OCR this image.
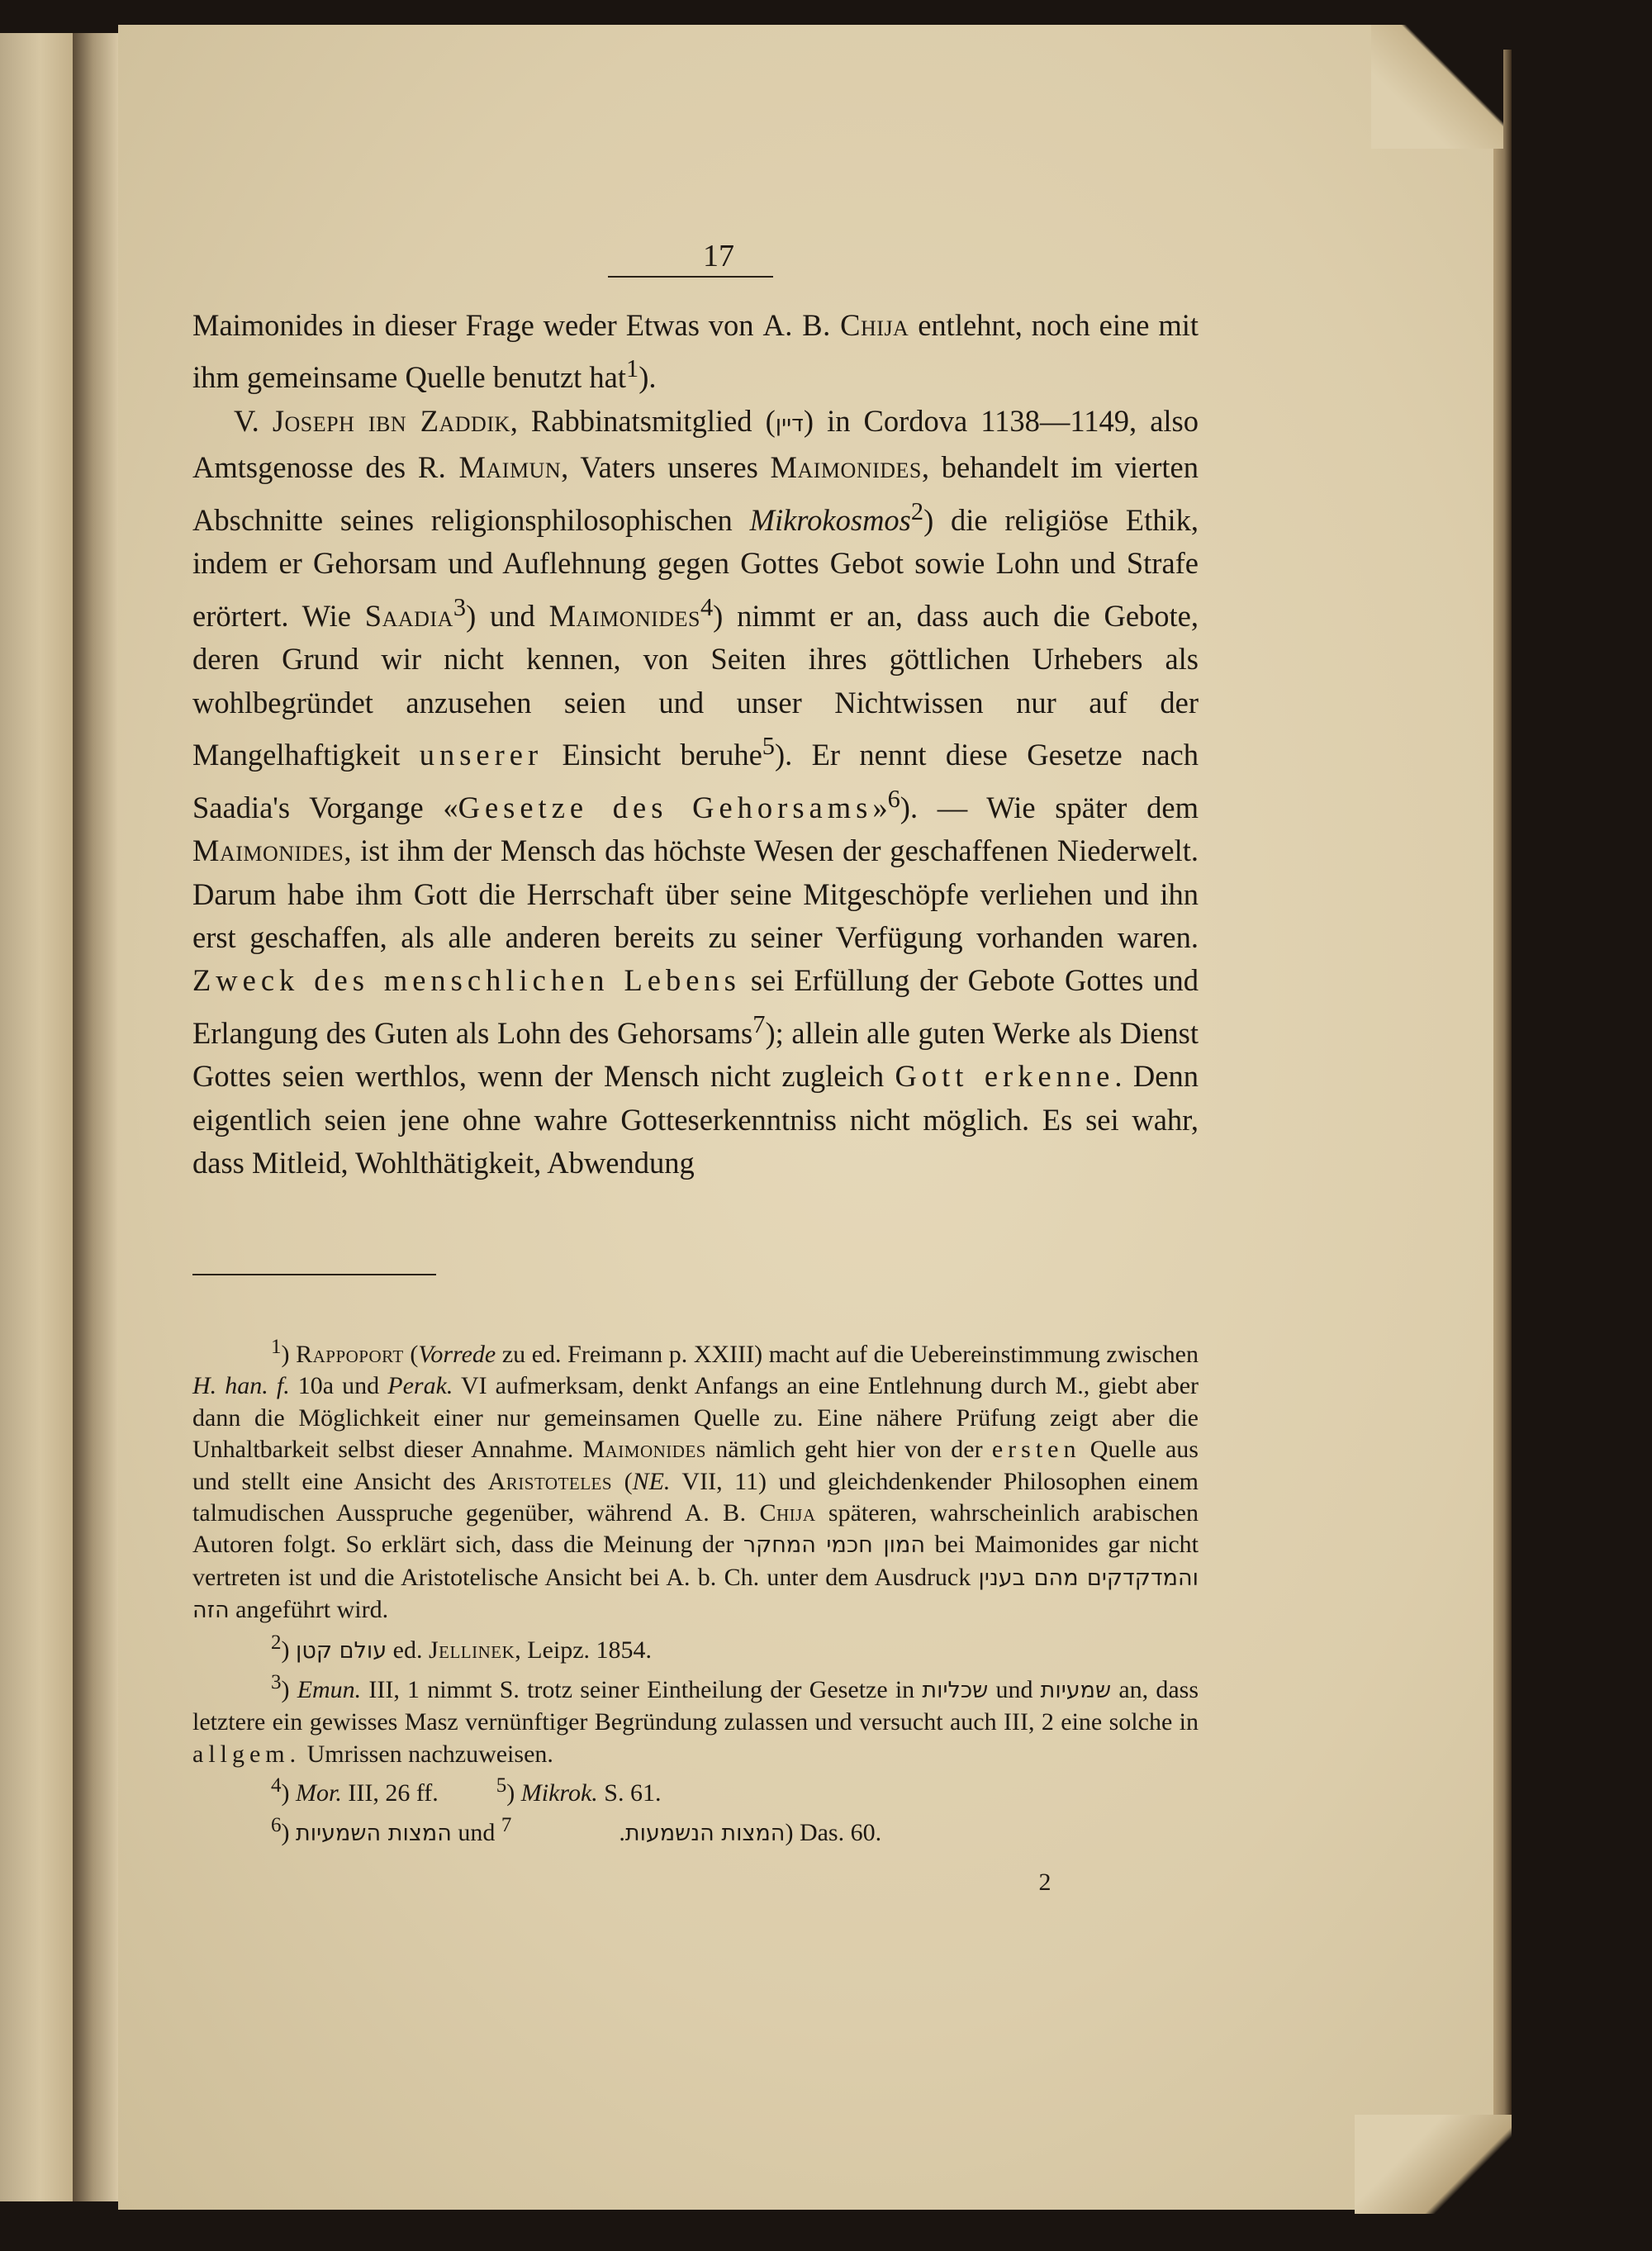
17

Maimonides in dieser Frage weder Etwas von A. B. Chija entlehnt, noch eine mit ihm gemeinsame Quelle benutzt hat$^1$).

V. Joseph ibn Zaddik, Rabbinatsmitglied (דיין) in Cordova 1138—1149, also Amtsgenosse des R. Maimun, Vaters unseres Maimonides, behandelt im vierten Abschnitte seines religionsphilosophischen Mikrokosmos$^2$) die religiöse Ethik, indem er Gehorsam und Auflehnung gegen Gottes Gebot sowie Lohn und Strafe erörtert. Wie Saadia$^3$) und Maimonides$^4$) nimmt er an, dass auch die Gebote, deren Grund wir nicht kennen, von Seiten ihres göttlichen Urhebers als wohlbegründet anzusehen seien und unser Nichtwissen nur auf der Mangelhaftigkeit unserer Einsicht beruhe$^5$). Er nennt diese Gesetze nach Saadia's Vorgange «Gesetze des Gehorsams»$^6$). — Wie später dem Maimonides, ist ihm der Mensch das höchste Wesen der geschaffenen Niederwelt. Darum habe ihm Gott die Herrschaft über seine Mitgeschöpfe verliehen und ihn erst geschaffen, als alle anderen bereits zu seiner Verfügung vorhanden waren. Zweck des menschlichen Lebens sei Erfüllung der Gebote Gottes und Erlangung des Guten als Lohn des Gehorsams$^7$); allein alle guten Werke als Dienst Gottes seien werthlos, wenn der Mensch nicht zugleich Gott erkenne. Denn eigentlich seien jene ohne wahre Gotteserkenntniss nicht möglich. Es sei wahr, dass Mitleid, Wohlthätigkeit, Abwendung

$^1$) Rappoport (Vorrede zu ed. Freimann p. XXIII) macht auf die Uebereinstimmung zwischen H. han. f. 10a und Perak. VI aufmerksam, denkt Anfangs an eine Entlehnung durch M., giebt aber dann die Möglichkeit einer nur gemeinsamen Quelle zu. Eine nähere Prüfung zeigt aber die Unhaltbarkeit selbst dieser Annahme. Maimonides nämlich geht hier von der ersten Quelle aus und stellt eine Ansicht des Aristoteles (NE. VII, 11) und gleichdenkender Philosophen einem talmudischen Ausspruche gegenüber, während A. B. Chija späteren, wahrscheinlich arabischen Autoren folgt. So erklärt sich, dass die Meinung der המון חכמי המחקר bei Maimonides gar nicht vertreten ist und die Aristotelische Ansicht bei A. b. Ch. unter dem Ausdruck והמדקדקים מהם בענין הזה angeführt wird.

$^2$) עולם קטן ed. Jellinek, Leipz. 1854.

$^3$) Emun. III, 1 nimmt S. trotz seiner Eintheilung der Gesetze in שכליות und שמעיות an, dass letztere ein gewisses Masz vernünftiger Begründung zulassen und versucht auch III, 2 eine solche in allgem. Umrissen nachzuweisen.

$^4$) Mor. III, 26 ff.	$^5$) Mikrok. S. 61.

$^6$) המצות השמעיות und	המצות הנשמעות.$^7$	) Das. 60.

2
